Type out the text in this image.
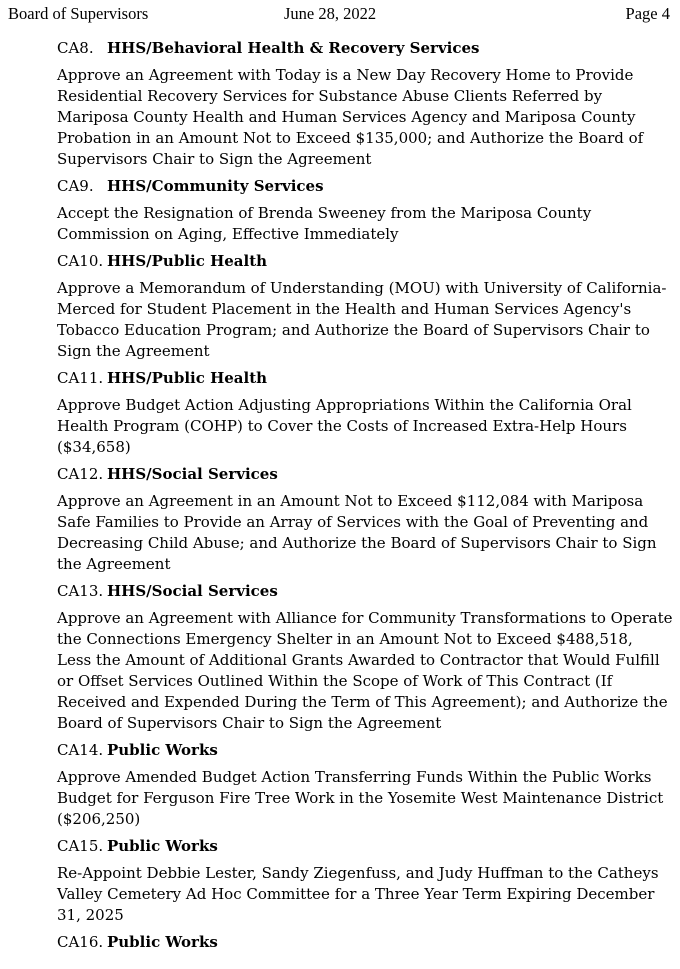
Board of Supervisors	June 28, 2022	Page 4
CA8. HHS/Behavioral Health & Recovery Services
Approve an Agreement with Today is a New Day Recovery Home to Provide
Residential Recovery Services for Substance Abuse Clients Referred by
Mariposa County Health and Human Services Agency and Mariposa County
Probation in an Amount Not to Exceed $135,000; and Authorize the Board of
Supervisors Chair to Sign the Agreement
CA9. HHS/Community Services
Accept the Resignation of Brenda Sweeney from the Mariposa County
Commission on Aging, Effective Immediately
CA10. HHS/Public Health
Approve a Memorandum of Understanding (MOU) with University of California-
Merced for Student Placement in the Health and Human Services Agency's
Tobacco Education Program; and Authorize the Board of Supervisors Chair to
Sign the Agreement
CA11. HHS/Public Health
Approve Budget Action Adjusting Appropriations Within the California Oral
Health Program (COHP) to Cover the Costs of Increased Extra-Help Hours
($34,658)
CA12. HHS/Social Services
Approve an Agreement in an Amount Not to Exceed $112,084 with Mariposa
Safe Families to Provide an Array of Services with the Goal of Preventing and
Decreasing Child Abuse; and Authorize the Board of Supervisors Chair to Sign
the Agreement
CA13. HHS/Social Services
Approve an Agreement with Alliance for Community Transformations to Operate
the Connections Emergency Shelter in an Amount Not to Exceed $488,518,
Less the Amount of Additional Grants Awarded to Contractor that Would Fulfill
or Offset Services Outlined Within the Scope of Work of This Contract (If
Received and Expended During the Term of This Agreement); and Authorize the
Board of Supervisors Chair to Sign the Agreement
CA14. Public Works
Approve Amended Budget Action Transferring Funds Within the Public Works
Budget for Ferguson Fire Tree Work in the Yosemite West Maintenance District
($206,250)
CA15. Public Works
Re-Appoint Debbie Lester, Sandy Ziegenfuss, and Judy Huffman to the Catheys
Valley Cemetery Ad Hoc Committee for a Three Year Term Expiring December
31, 2025
CA16. Public Works
